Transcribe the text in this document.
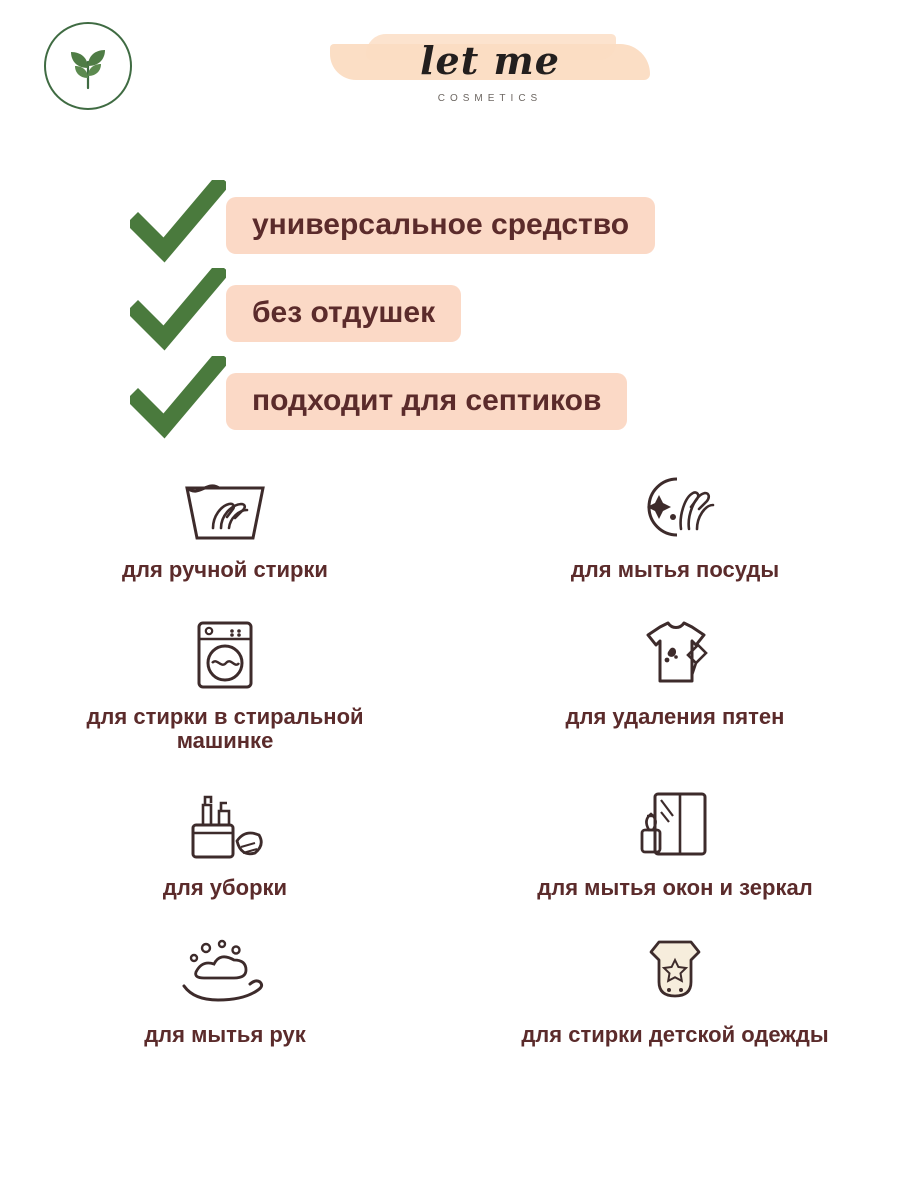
let me
COSMETICS
универсальное средство
без отдушек
подходит для септиков
для ручной стирки	для мытья посуды
для стирки в стиральной машинке
для удаления пятен
для уборки	для мытья окон и зеркал
для мытья рук	для стирки детской одежды
